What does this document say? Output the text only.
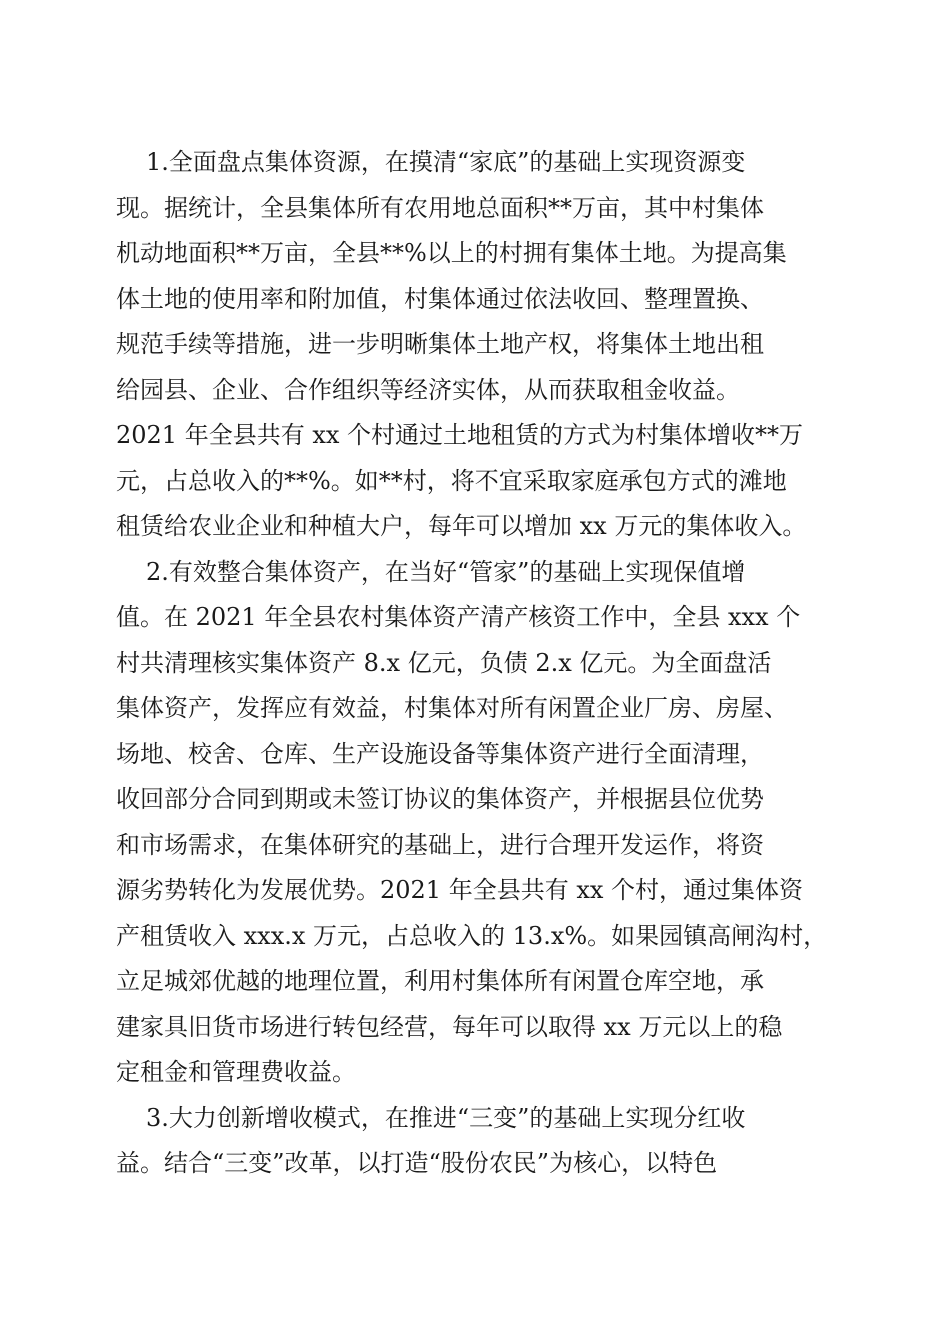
1.全面盘点集体资源，在摸清“家底”的基础上实现资源变
现。据统计，全县集体所有农用地总面积**万亩，其中村集体
机动地面积**万亩，全县**%以上的村拥有集体土地。为提高集
体土地的使用率和附加值，村集体通过依法收回、整理置换、
规范手续等措施，进一步明晰集体土地产权，将集体土地出租
给园县、企业、合作组织等经济实体，从而获取租金收益。
2021 年全县共有 xx 个村通过土地租赁的方式为村集体增收**万
元，占总收入的**%。如**村，将不宜采取家庭承包方式的滩地
租赁给农业企业和种植大户，每年可以增加 xx 万元的集体收入。
2.有效整合集体资产，在当好“管家”的基础上实现保值增
值。在 2021 年全县农村集体资产清产核资工作中，全县 xxx 个
村共清理核实集体资产 8.x 亿元，负债 2.x 亿元。为全面盘活
集体资产，发挥应有效益，村集体对所有闲置企业厂房、房屋、
场地、校舍、仓库、生产设施设备等集体资产进行全面清理，
收回部分合同到期或未签订协议的集体资产，并根据县位优势
和市场需求，在集体研究的基础上，进行合理开发运作，将资
源劣势转化为发展优势。2021 年全县共有 xx 个村，通过集体资
产租赁收入 xxx.x 万元，占总收入的 13.x%。如果园镇高闸沟村，
立足城郊优越的地理位置，利用村集体所有闲置仓库空地，承
建家具旧货市场进行转包经营，每年可以取得 xx 万元以上的稳
定租金和管理费收益。
3.大力创新增收模式，在推进“三变”的基础上实现分红收
益。结合“三变”改革，以打造“股份农民”为核心，以特色
